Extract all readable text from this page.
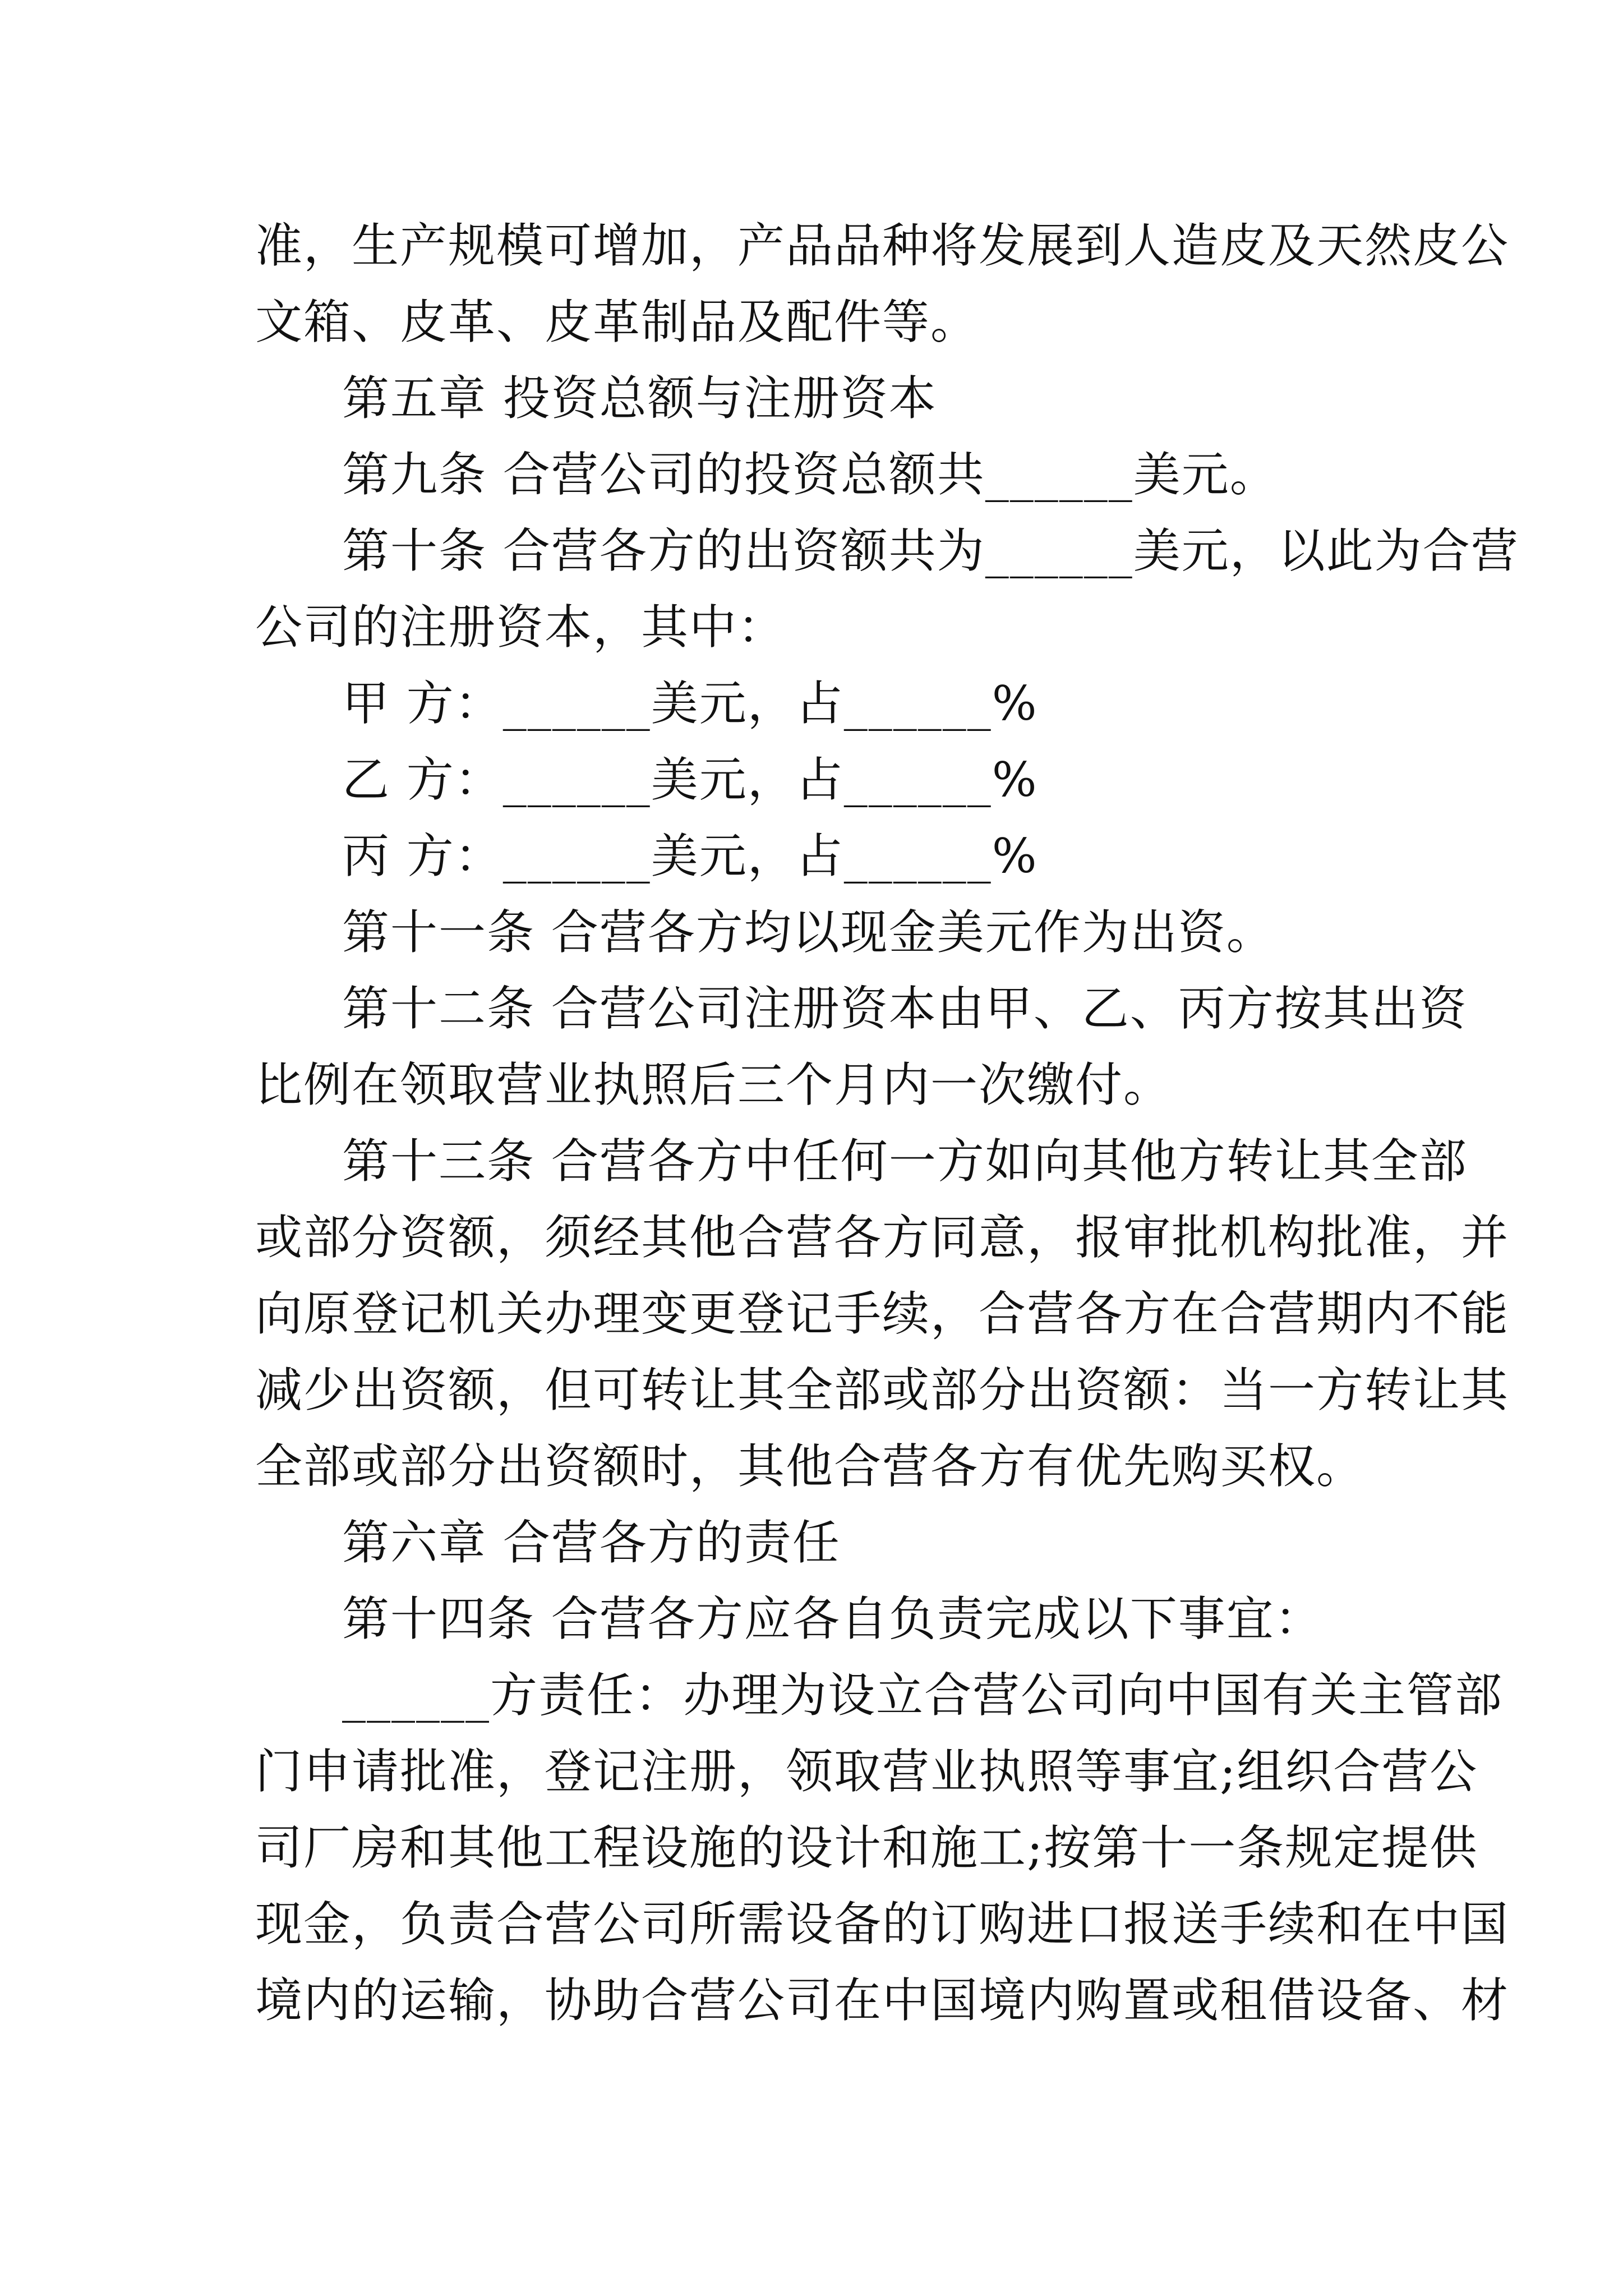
准，生产规模可增加，产品品种将发展到人造皮及天然皮公
文箱、皮革、皮革制品及配件等。
第五章 投资总额与注册资本
第九条 合营公司的投资总额共______美元。
第十条 合营各方的出资额共为______美元，以此为合营
公司的注册资本，其中：
甲 方：______美元，占______%
乙 方：______美元，占______%
丙 方：______美元，占______%
第十一条 合营各方均以现金美元作为出资。
第十二条 合营公司注册资本由甲、乙、丙方按其出资
比例在领取营业执照后三个月内一次缴付。
第十三条 合营各方中任何一方如向其他方转让其全部
或部分资额，须经其他合营各方同意，报审批机构批准，并
向原登记机关办理变更登记手续，合营各方在合营期内不能
减少出资额，但可转让其全部或部分出资额：当一方转让其
全部或部分出资额时，其他合营各方有优先购买权。
第六章 合营各方的责任
第十四条 合营各方应各自负责完成以下事宜：
______方责任：办理为设立合营公司向中国有关主管部
门申请批准，登记注册，领取营业执照等事宜;组织合营公
司厂房和其他工程设施的设计和施工;按第十一条规定提供
现金，负责合营公司所需设备的订购进口报送手续和在中国
境内的运输，协助合营公司在中国境内购置或租借设备、材
